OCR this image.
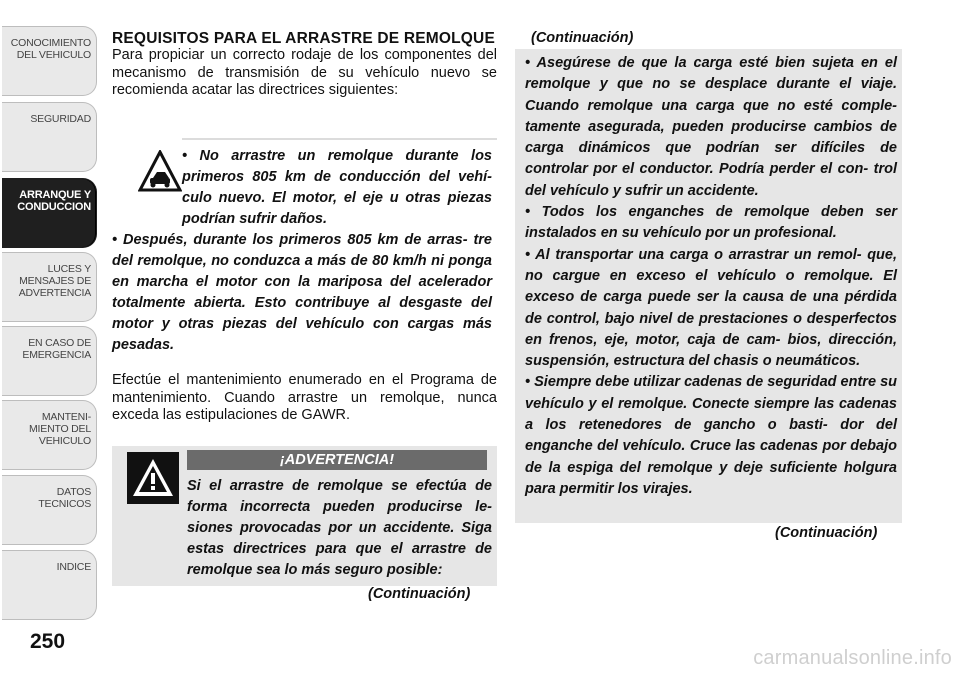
CONOCIMIENTO
DEL VEHICULO
SEGURIDAD
ARRANQUE Y
CONDUCCION
LUCES Y
MENSAJES DE
ADVERTENCIA
EN CASO DE
EMERGENCIA
MANTENI-
MIENTO DEL
VEHICULO
DATOS
TECNICOS
INDICE
250

REQUISITOS PARA EL ARRASTRE DE REMOLQUE

Para propiciar un correcto rodaje de los componentes del mecanismo de transmisión de su vehículo nuevo se recomienda acatar las directrices siguientes:

• No arrastre un remolque durante los primeros 805 km de conducción del vehí- culo nuevo. El motor, el eje u otras piezas podrían sufrir daños.
• Después, durante los primeros 805 km de arras- tre del remolque, no conduzca a más de 80 km/h ni ponga en marcha el motor con la mariposa del acelerador totalmente abierta. Esto contribuye al desgaste del motor y otras piezas del vehículo con cargas más pesadas.

Efectúe el mantenimiento enumerado en el Programa de mantenimiento. Cuando arrastre un remolque, nunca exceda las estipulaciones de GAWR.

¡ADVERTENCIA!
Si el arrastre de remolque se efectúa de forma incorrecta pueden producirse le- siones provocadas por un accidente. Siga estas directrices para que el arrastre de remolque sea lo más seguro posible:
(Continuación)
(Continuación)

• Asegúrese de que la carga esté bien sujeta en el remolque y que no se desplace durante el viaje. Cuando remolque una carga que no esté comple- tamente asegurada, pueden producirse cambios de carga dinámicos que podrían ser difíciles de controlar por el conductor. Podría perder el con- trol del vehículo y sufrir un accidente.

• Todos los enganches de remolque deben ser instalados en su vehículo por un profesional.

• Al transportar una carga o arrastrar un remol- que, no cargue en exceso el vehículo o remolque. El exceso de carga puede ser la causa de una pérdida de control, bajo nivel de prestaciones o desperfectos en frenos, eje, motor, caja de cam- bios, dirección, suspensión, estructura del chasis o neumáticos.

• Siempre debe utilizar cadenas de seguridad entre su vehículo y el remolque. Conecte siempre las cadenas a los retenedores de gancho o basti- dor del enganche del vehículo. Cruce las cadenas por debajo de la espiga del remolque y deje suficiente holgura para permitir los virajes.

(Continuación)
carmanualsonline.info
